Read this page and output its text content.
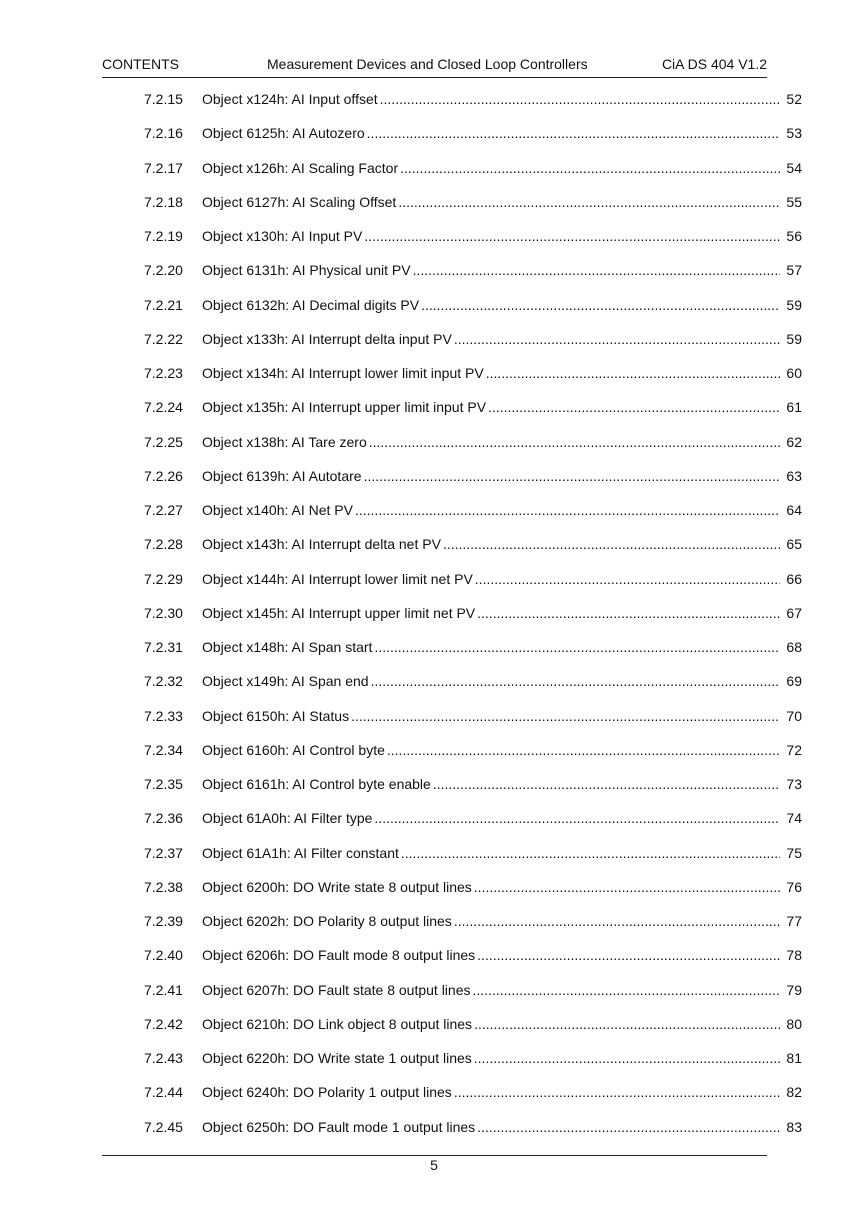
CONTENTS	Measurement Devices and Closed Loop Controllers	CiA DS 404 V1.2
7.2.15 Object x124h: AI Input offset .....	52
7.2.16 Object 6125h: AI Autozero .....	53
7.2.17 Object x126h: AI Scaling Factor .....	54
7.2.18 Object 6127h: AI Scaling Offset .....	55
7.2.19 Object x130h: AI Input PV .....	56
7.2.20 Object 6131h: AI Physical unit PV .....	57
7.2.21 Object 6132h: AI Decimal digits PV .....	59
7.2.22 Object x133h: AI Interrupt delta input PV .....	59
7.2.23 Object x134h: AI Interrupt lower limit input PV .....	60
7.2.24 Object x135h: AI Interrupt upper limit input PV .....	61
7.2.25 Object x138h: AI Tare zero .....	62
7.2.26 Object 6139h: AI Autotare .....	63
7.2.27 Object x140h: AI Net PV .....	64
7.2.28 Object x143h: AI Interrupt delta net PV .....	65
7.2.29 Object x144h: AI Interrupt lower limit net PV .....	66
7.2.30 Object x145h: AI Interrupt upper limit net PV .....	67
7.2.31 Object x148h: AI Span start .....	68
7.2.32 Object x149h: AI Span end .....	69
7.2.33 Object 6150h: AI Status .....	70
7.2.34 Object 6160h: AI Control byte .....	72
7.2.35 Object 6161h: AI Control byte enable .....	73
7.2.36 Object 61A0h: AI Filter type .....	74
7.2.37 Object 61A1h: AI Filter constant .....	75
7.2.38 Object 6200h: DO Write state 8 output lines .....	76
7.2.39 Object 6202h: DO Polarity 8 output lines .....	77
7.2.40 Object 6206h: DO Fault mode 8 output lines .....	78
7.2.41 Object 6207h: DO Fault state 8 output lines .....	79
7.2.42 Object 6210h: DO Link object 8 output lines .....	80
7.2.43 Object 6220h: DO Write state 1 output lines .....	81
7.2.44 Object 6240h: DO Polarity 1 output lines .....	82
7.2.45 Object 6250h: DO Fault mode 1 output lines .....	83
5
